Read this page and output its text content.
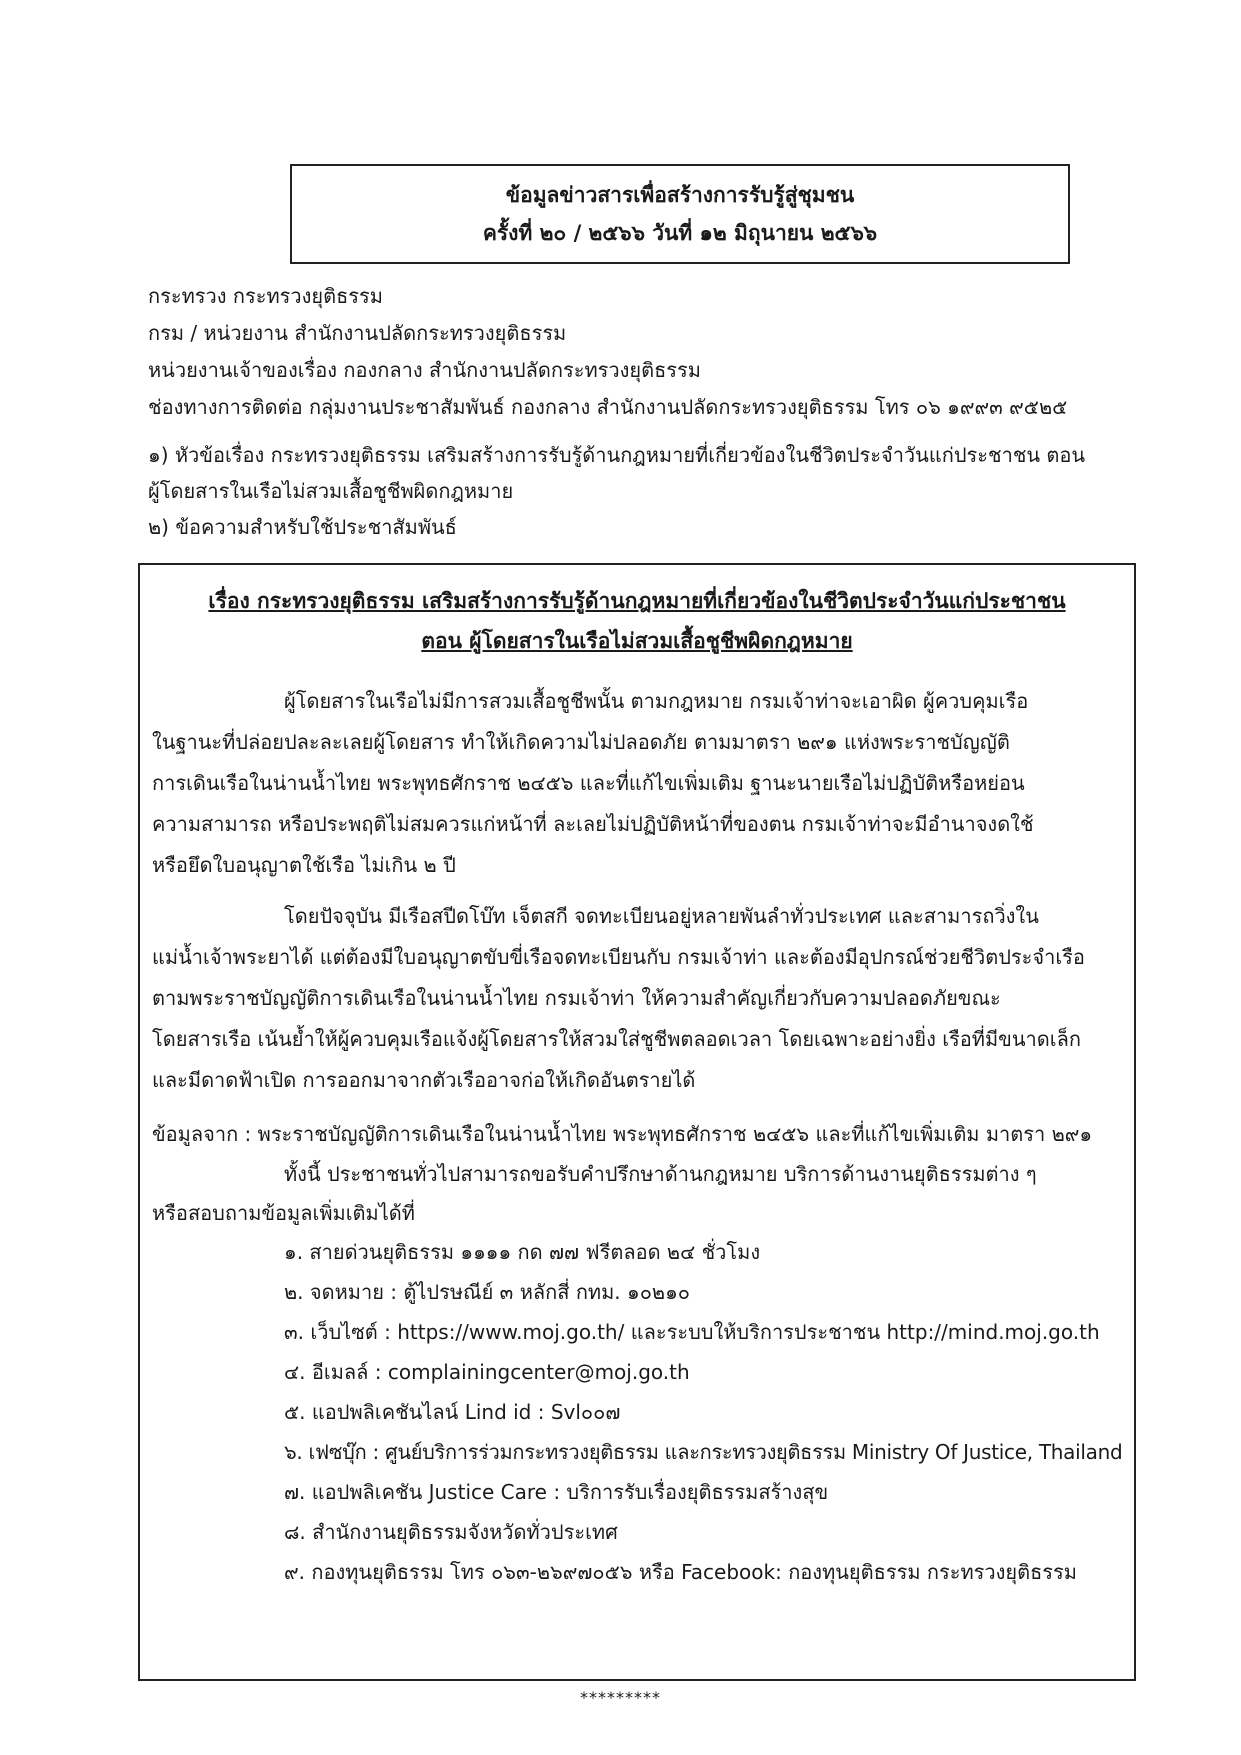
ข้อมูลข่าวสารเพื่อสร้างการรับรู้สู่ชุมชน
ครั้งที่ ๒๐ / ๒๕๖๖ วันที่ ๑๒ มิถุนายน ๒๕๖๖
กระทรวง กระทรวงยุติธรรม
กรม / หน่วยงาน สำนักงานปลัดกระทรวงยุติธรรม
หน่วยงานเจ้าของเรื่อง กองกลาง สำนักงานปลัดกระทรวงยุติธรรม
ช่องทางการติดต่อ กลุ่มงานประชาสัมพันธ์ กองกลาง สำนักงานปลัดกระทรวงยุติธรรม โทร ๐๖ ๑๙๙๓ ๙๕๒๕
๑) หัวข้อเรื่อง กระทรวงยุติธรรม เสริมสร้างการรับรู้ด้านกฎหมายที่เกี่ยวข้องในชีวิตประจำวันแก่ประชาชน ตอน
ผู้โดยสารในเรือไม่สวมเสื้อชูชีพผิดกฎหมาย
๒) ข้อความสำหรับใช้ประชาสัมพันธ์
เรื่อง กระทรวงยุติธรรม เสริมสร้างการรับรู้ด้านกฎหมายที่เกี่ยวข้องในชีวิตประจำวันแก่ประชาชน
ตอน ผู้โดยสารในเรือไม่สวมเสื้อชูชีพผิดกฎหมาย
ผู้โดยสารในเรือไม่มีการสวมเสื้อชูชีพนั้น ตามกฎหมาย กรมเจ้าท่าจะเอาผิด ผู้ควบคุมเรือ
ในฐานะที่ปล่อยปละละเลยผู้โดยสาร ทำให้เกิดความไม่ปลอดภัย ตามมาตรา ๒๙๑ แห่งพระราชบัญญัติ
การเดินเรือในน่านน้ำไทย พระพุทธศักราช ๒๔๕๖ และที่แก้ไขเพิ่มเติม ฐานะนายเรือไม่ปฏิบัติหรือหย่อน
ความสามารถ หรือประพฤติไม่สมควรแก่หน้าที่ ละเลยไม่ปฏิบัติหน้าที่ของตน กรมเจ้าท่าจะมีอำนาจงดใช้
หรือยึดใบอนุญาตใช้เรือ ไม่เกิน ๒ ปี
โดยปัจจุบัน มีเรือสปีดโบ๊ท เจ็ตสกี จดทะเบียนอยู่หลายพันลำทั่วประเทศ และสามารถวิ่งใน
แม่น้ำเจ้าพระยาได้ แต่ต้องมีใบอนุญาตขับขี่เรือจดทะเบียนกับ กรมเจ้าท่า และต้องมีอุปกรณ์ช่วยชีวิตประจำเรือ
ตามพระราชบัญญัติการเดินเรือในน่านน้ำไทย กรมเจ้าท่า ให้ความสำคัญเกี่ยวกับความปลอดภัยขณะ
โดยสารเรือ เน้นย้ำให้ผู้ควบคุมเรือแจ้งผู้โดยสารให้สวมใส่ชูชีพตลอดเวลา โดยเฉพาะอย่างยิ่ง เรือที่มีขนาดเล็ก
และมีดาดฟ้าเปิด การออกมาจากตัวเรืออาจก่อให้เกิดอันตรายได้
ข้อมูลจาก : พระราชบัญญัติการเดินเรือในน่านน้ำไทย พระพุทธศักราช ๒๔๕๖ และที่แก้ไขเพิ่มเติม มาตรา ๒๙๑
ทั้งนี้ ประชาชนทั่วไปสามารถขอรับคำปรึกษาด้านกฎหมาย บริการด้านงานยุติธรรมต่าง ๆ
หรือสอบถามข้อมูลเพิ่มเติมได้ที่
๑. สายด่วนยุติธรรม ๑๑๑๑ กด ๗๗ ฟรีตลอด ๒๔ ชั่วโมง
๒. จดหมาย : ตู้ไปรษณีย์ ๓ หลักสี่ กทม. ๑๐๒๑๐
๓. เว็บไซต์ : https://www.moj.go.th/ และระบบให้บริการประชาชน http://mind.moj.go.th
๔. อีเมลล์ : complainingcenter@moj.go.th
๕. แอปพลิเคชันไลน์ Lind id : Svl๐๐๗
๖. เฟซบุ๊ก : ศูนย์บริการร่วมกระทรวงยุติธรรม และกระทรวงยุติธรรม Ministry Of Justice, Thailand
๗. แอปพลิเคชัน Justice Care : บริการรับเรื่องยุติธรรมสร้างสุข
๘. สำนักงานยุติธรรมจังหวัดทั่วประเทศ
๙. กองทุนยุติธรรม โทร ๐๖๓-๒๖๙๗๐๕๖ หรือ Facebook: กองทุนยุติธรรม กระทรวงยุติธรรม
*********
